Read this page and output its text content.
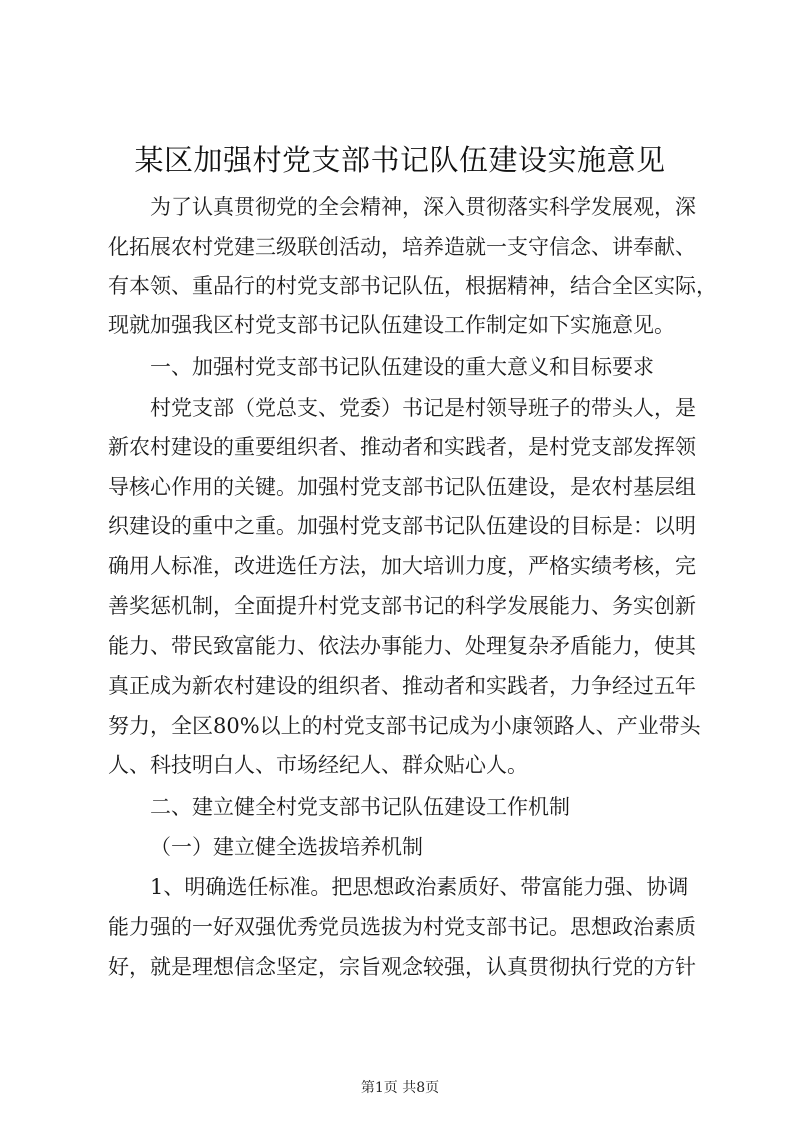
某区加强村党支部书记队伍建设实施意见
为了认真贯彻党的全会精神，深入贯彻落实科学发展观，深
化拓展农村党建三级联创活动，培养造就一支守信念、讲奉献、
有本领、重品行的村党支部书记队伍，根据精神，结合全区实际，
现就加强我区村党支部书记队伍建设工作制定如下实施意见。
一、加强村党支部书记队伍建设的重大意义和目标要求
村党支部（党总支、党委）书记是村领导班子的带头人，是
新农村建设的重要组织者、推动者和实践者，是村党支部发挥领
导核心作用的关键。加强村党支部书记队伍建设，是农村基层组
织建设的重中之重。加强村党支部书记队伍建设的目标是：以明
确用人标准，改进选任方法，加大培训力度，严格实绩考核，完
善奖惩机制，全面提升村党支部书记的科学发展能力、务实创新
能力、带民致富能力、依法办事能力、处理复杂矛盾能力，使其
真正成为新农村建设的组织者、推动者和实践者，力争经过五年
努力，全区80%以上的村党支部书记成为小康领路人、产业带头
人、科技明白人、市场经纪人、群众贴心人。
二、建立健全村党支部书记队伍建设工作机制
（一）建立健全选拔培养机制
1、明确选任标准。把思想政治素质好、带富能力强、协调
能力强的一好双强优秀党员选拔为村党支部书记。思想政治素质
好，就是理想信念坚定，宗旨观念较强，认真贯彻执行党的方针
第1页 共8页
